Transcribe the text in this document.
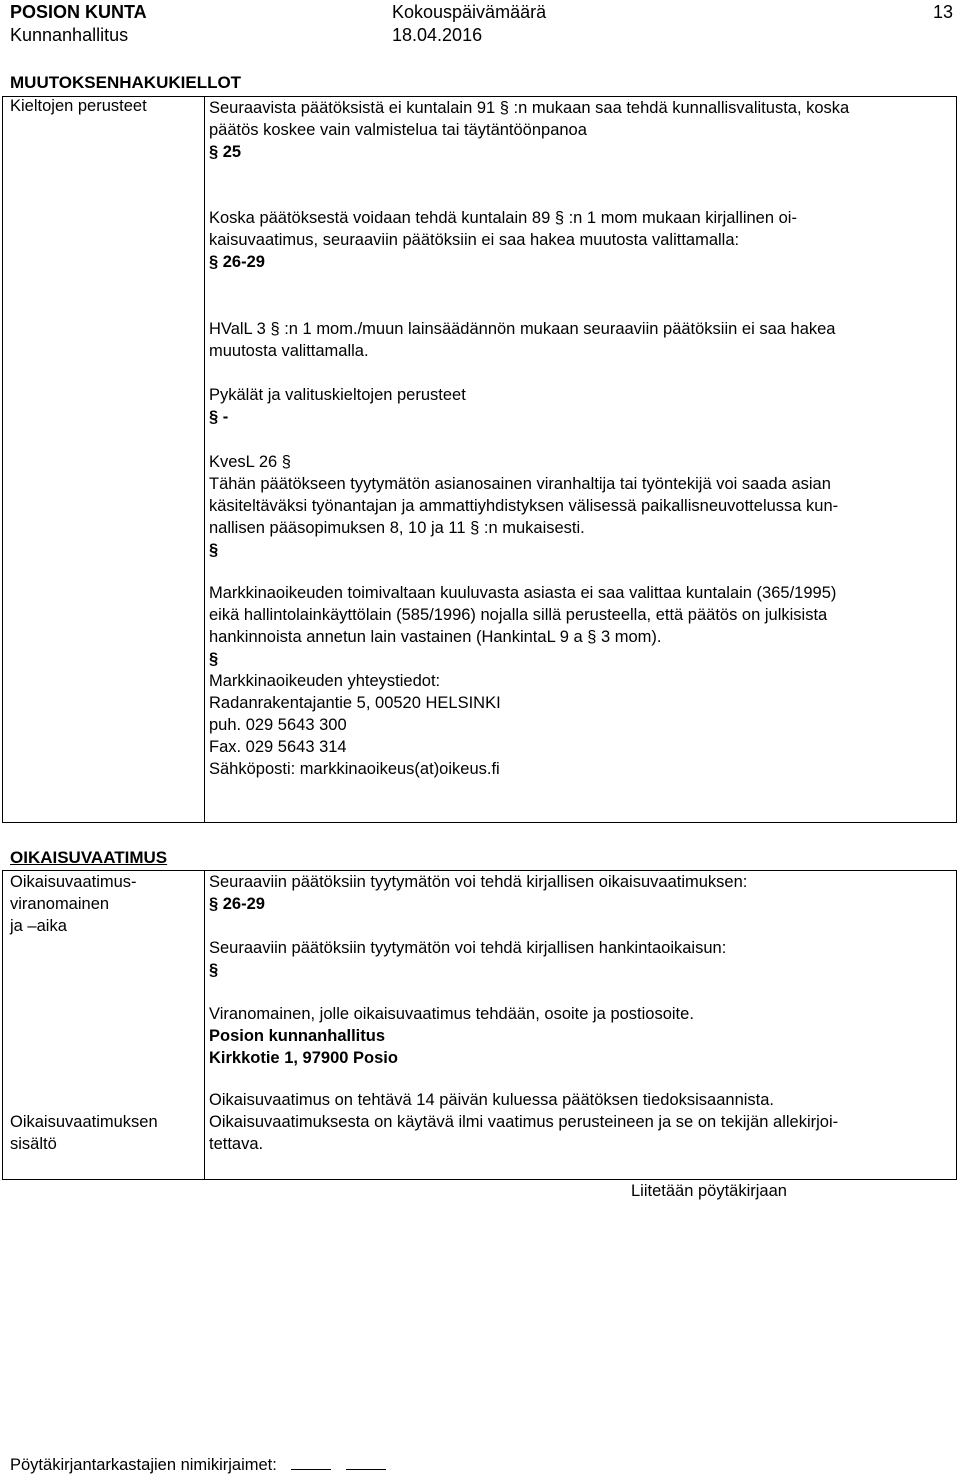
POSION KUNTA
Kunnanhallitus
Kokouspäivämäärä
18.04.2016
13
MUUTOKSENHAKUKIELLOT
Kieltojen perusteet	Seuraavista päätöksistä ei kuntalain 91 § :n mukaan saa tehdä kunnallisvalitusta, koska
päätös koskee vain valmistelua tai täytäntöönpanoa
§ 25
Koska päätöksestä voidaan tehdä kuntalain 89 § :n 1 mom mukaan kirjallinen oi-
kaisuvaatimus, seuraaviin päätöksiin ei saa hakea muutosta valittamalla:
§ 26-29
HValL 3 § :n 1 mom./muun lainsäädännön mukaan seuraaviin päätöksiin ei saa hakea
muutosta valittamalla.
Pykälät ja valituskieltojen perusteet
§ -
KvesL 26 §
Tähän päätökseen tyytymätön asianosainen viranhaltija tai työntekijä voi saada asian
käsiteltäväksi työnantajan ja ammattiyhdistyksen välisessä paikallisneuvottelussa kun-
nallisen pääsopimuksen 8, 10 ja 11 § :n mukaisesti.
§
Markkinaoikeuden toimivaltaan kuuluvasta asiasta ei saa valittaa kuntalain (365/1995)
eikä hallintolainkäyttölain (585/1996) nojalla sillä perusteella, että päätös on julkisista
hankinnoista annetun lain vastainen (HankintaL 9 a § 3 mom).
§
Markkinaoikeuden yhteystiedot:
Radanrakentajantie 5, 00520 HELSINKI
puh. 029 5643 300
Fax. 029 5643 314
Sähköposti: markkinaoikeus(at)oikeus.fi
OIKAISUVAATIMUS
Oikaisuvaatimus-
viranomainen
ja –aika
Oikaisuvaatimuksen
sisältö
Seuraaviin päätöksiin tyytymätön voi tehdä kirjallisen oikaisuvaatimuksen:
§ 26-29
Seuraaviin päätöksiin tyytymätön voi tehdä kirjallisen hankintaoikaisun:
§
Viranomainen, jolle oikaisuvaatimus tehdään, osoite ja postiosoite.
Posion kunnanhallitus
Kirkkotie 1, 97900 Posio
Oikaisuvaatimus on tehtävä 14 päivän kuluessa päätöksen tiedoksisaannista.
Oikaisuvaatimuksesta on käytävä ilmi vaatimus perusteineen ja se on tekijän allekirjoi-
tettava.
Liitetään pöytäkirjaan
Pöytäkirjantarkastajien nimikirjaimet:
